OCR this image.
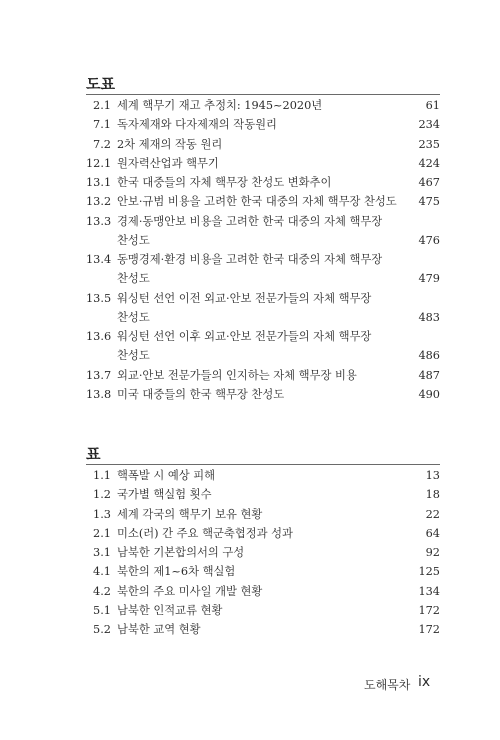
도표
2.1 세계 핵무기 재고 추정치: 1945~2020년	61
7.1 독자제재와 다자제재의 작동원리	234
7.2 2차 제재의 작동 원리	235
12.1 원자력산업과 핵무기	424
13.1 한국 대중들의 자체 핵무장 찬성도 변화추이	467
13.2 안보·규범 비용을 고려한 한국 대중의 자체 핵무장 찬성도	475
13.3 경제·동맹안보 비용을 고려한 한국 대중의 자체 핵무장
찬성도	476
13.4 동맹경제·환경 비용을 고려한 한국 대중의 자체 핵무장
찬성도	479
13.5 워싱턴 선언 이전 외교·안보 전문가들의 자체 핵무장
찬성도	483
13.6 워싱턴 선언 이후 외교·안보 전문가들의 자체 핵무장
찬성도	486
13.7 외교·안보 전문가들의 인지하는 자체 핵무장 비용	487
13.8 미국 대중들의 한국 핵무장 찬성도	490
표
1.1 핵폭발 시 예상 피해	13
1.2 국가별 핵실험 횟수	18
1.3 세계 각국의 핵무기 보유 현황	22
2.1 미소(러) 간 주요 핵군축협정과 성과	64
3.1 남북한 기본합의서의 구성	92
4.1 북한의 제1~6차 핵실험	125
4.2 북한의 주요 미사일 개발 현황	134
5.1 남북한 인적교류 현황	172
5.2 남북한 교역 현황	172
도해목차 ix
